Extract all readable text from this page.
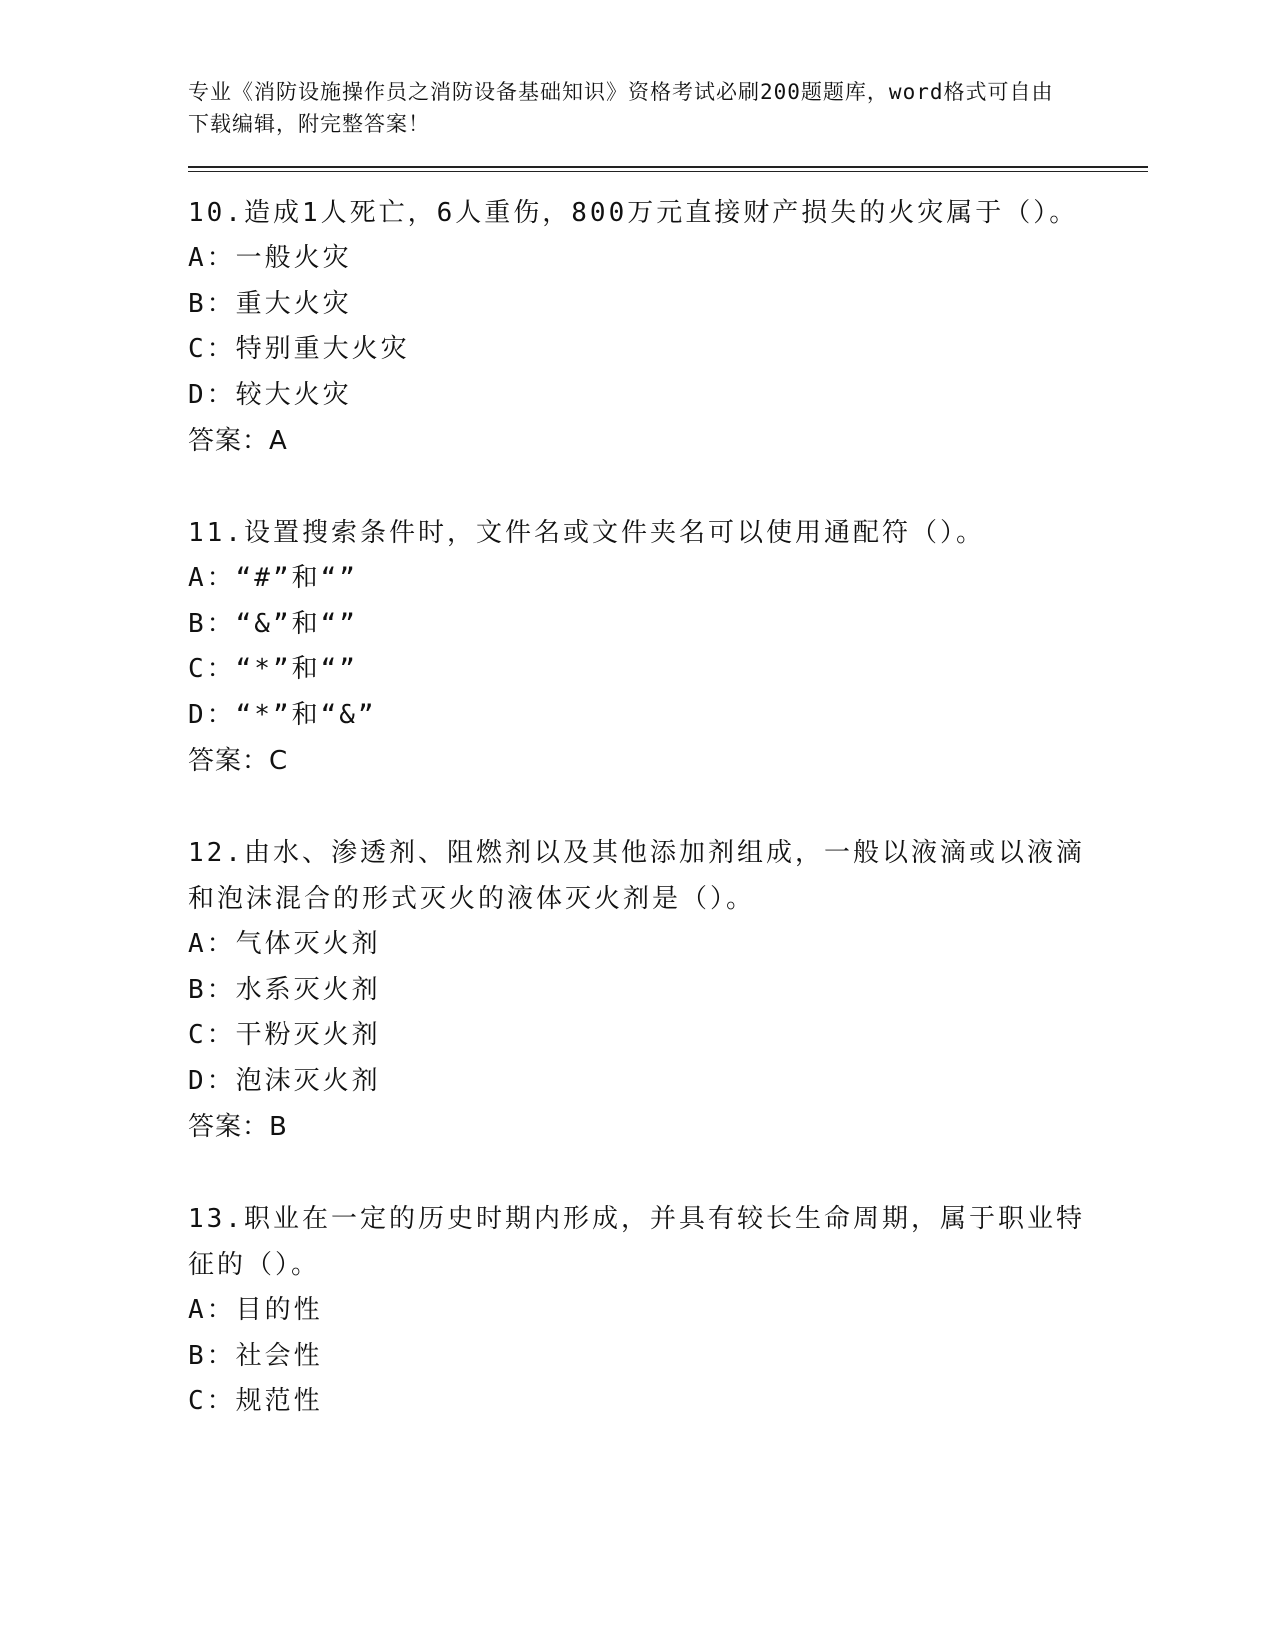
专业《消防设施操作员之消防设备基础知识》资格考试必刷200题题库，word格式可自由下载编辑，附完整答案！

10.造成1人死亡，6人重伤，800万元直接财产损失的火灾属于（）。

A：一般火灾
B：重大火灾
C：特别重大火灾
D：较大火灾
答案：A

11.设置搜索条件时，文件名或文件夹名可以使用通配符（）。

A：“#”和“”
B：“&”和“”
C：“*”和“”
D：“*”和“&”
答案：C

12.由水、渗透剂、阻燃剂以及其他添加剂组成，一般以液滴或以液滴和泡沫混合的形式灭火的液体灭火剂是（）。

A：气体灭火剂
B：水系灭火剂
C：干粉灭火剂
D：泡沫灭火剂
答案：B

13.职业在一定的历史时期内形成，并具有较长生命周期，属于职业特征的（）。

A：目的性
B：社会性
C：规范性
